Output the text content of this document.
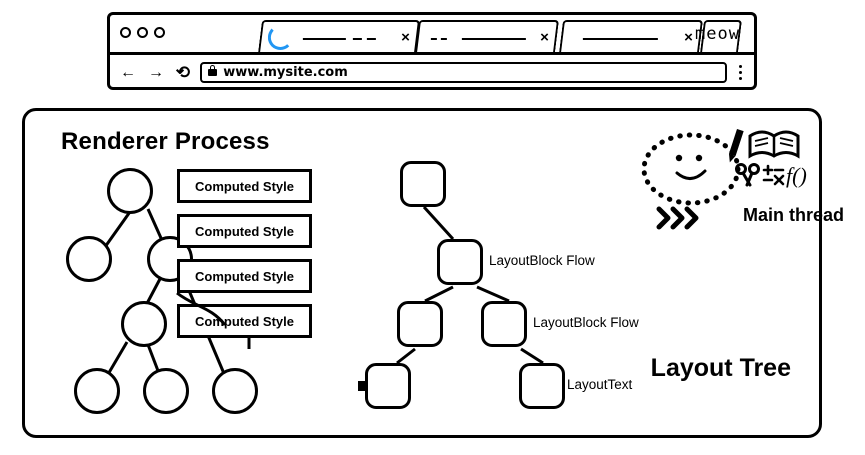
×	×	× meow
← → ⟳	www.mysite.com
Renderer Process
Layout Tree
Computed Style
Computed Style
Computed Style
Computed Style
LayoutBlock Flow
LayoutBlock Flow
LayoutText
f()
Main thread
